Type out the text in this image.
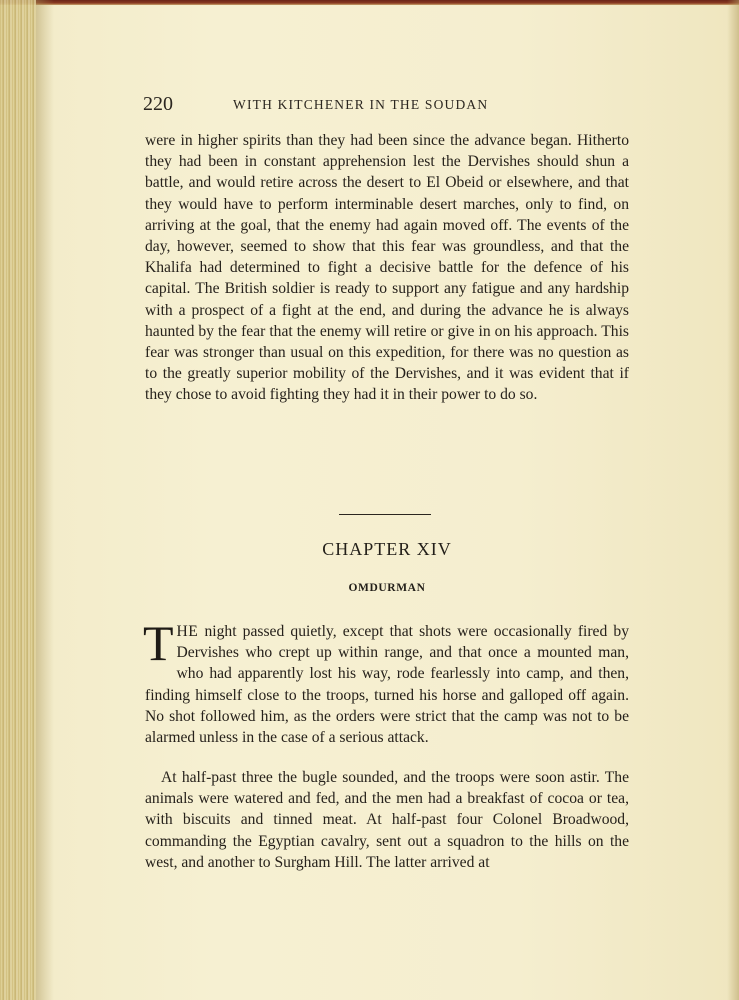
220	WITH KITCHENER IN THE SOUDAN

were in higher spirits than they had been since the advance began. Hitherto they had been in constant apprehension lest the Dervishes should shun a battle, and would retire across the desert to El Obeid or elsewhere, and that they would have to perform interminable desert marches, only to find, on arriving at the goal, that the enemy had again moved off. The events of the day, however, seemed to show that this fear was groundless, and that the Khalifa had determined to fight a decisive battle for the defence of his capital. The British soldier is ready to support any fatigue and any hardship with a prospect of a fight at the end, and during the advance he is always haunted by the fear that the enemy will retire or give in on his approach. This fear was stronger than usual on this expedition, for there was no question as to the greatly superior mobility of the Dervishes, and it was evident that if they chose to avoid fighting they had it in their power to do so.

CHAPTER XIV
OMDURMAN

THE night passed quietly, except that shots were occasionally fired by Dervishes who crept up within range, and that once a mounted man, who had apparently lost his way, rode fearlessly into camp, and then, finding himself close to the troops, turned his horse and galloped off again. No shot followed him, as the orders were strict that the camp was not to be alarmed unless in the case of a serious attack.

At half-past three the bugle sounded, and the troops were soon astir. The animals were watered and fed, and the men had a breakfast of cocoa or tea, with biscuits and tinned meat. At half-past four Colonel Broadwood, commanding the Egyptian cavalry, sent out a squadron to the hills on the west, and another to Surgham Hill. The latter arrived at
